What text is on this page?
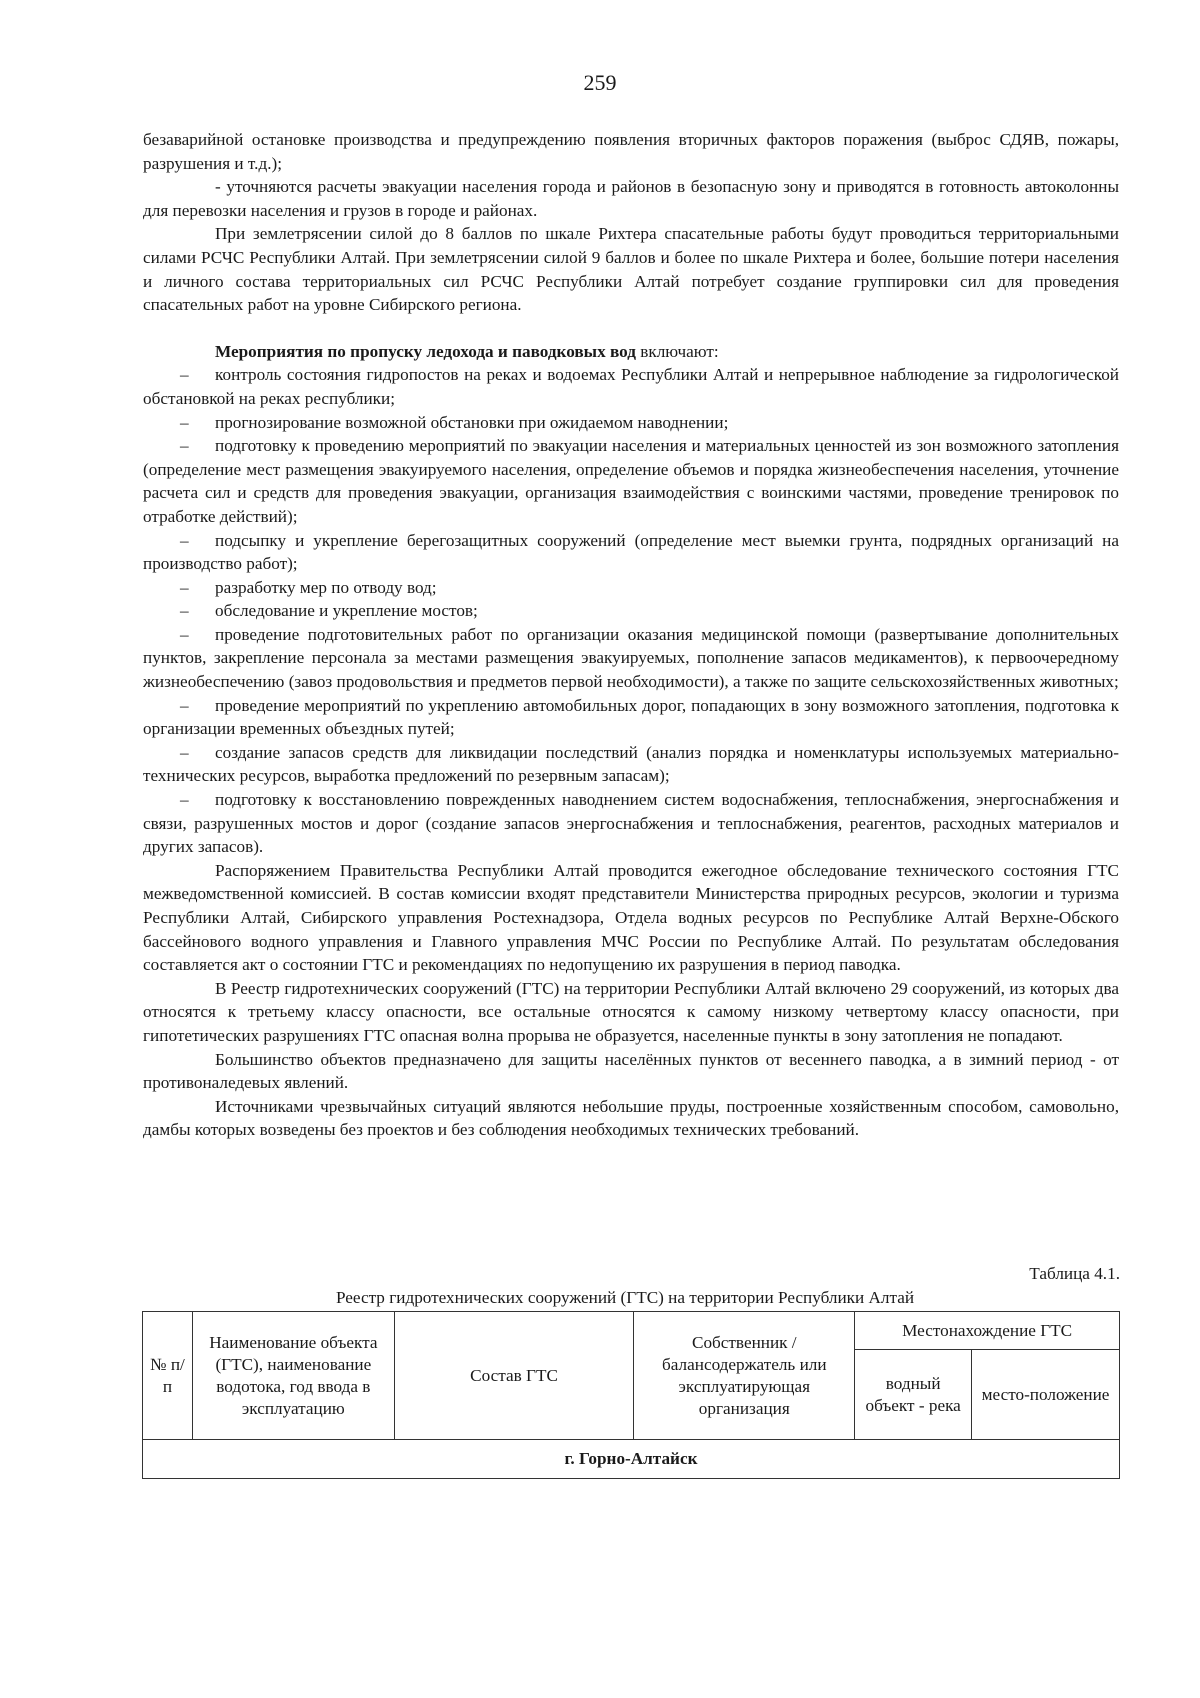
259

безаварийной остановке производства и предупреждению появления вторичных факторов поражения (выброс СДЯВ, пожары, разрушения и т.д.);

- уточняются расчеты эвакуации населения города и районов в безопасную зону и приводятся в готовность автоколонны для перевозки населения и грузов в городе и районах.

При землетрясении силой до 8 баллов по шкале Рихтера спасательные работы будут проводиться территориальными силами РСЧС Республики Алтай. При землетрясении силой 9 баллов и более по шкале Рихтера и более, большие потери населения и личного состава территориальных сил РСЧС Республики Алтай потребует создание группировки сил для проведения спасательных работ на уровне Сибирского региона.

Мероприятия по пропуску ледохода и паводковых вод включают:

– контроль состояния гидропостов на реках и водоемах Республики Алтай и непрерывное наблюдение за гидрологической обстановкой на реках республики;

– прогнозирование возможной обстановки при ожидаемом наводнении;

– подготовку к проведению мероприятий по эвакуации населения и материальных ценностей из зон возможного затопления (определение мест размещения эвакуируемого населения, определение объемов и порядка жизнеобеспечения населения, уточнение расчета сил и средств для проведения эвакуации, организация взаимодействия с воинскими частями, проведение тренировок по отработке действий);

– подсыпку и укрепление берегозащитных сооружений (определение мест выемки грунта, подрядных организаций на производство работ);

– разработку мер по отводу вод;

– обследование и укрепление мостов;

– проведение подготовительных работ по организации оказания медицинской помощи (развертывание дополнительных пунктов, закрепление персонала за местами размещения эвакуируемых, пополнение запасов медикаментов), к первоочередному жизнеобеспечению (завоз продовольствия и предметов первой необходимости), а также по защите сельскохозяйственных животных;

– проведение мероприятий по укреплению автомобильных дорог, попадающих в зону возможного затопления, подготовка к организации временных объездных путей;

– создание запасов средств для ликвидации последствий (анализ порядка и номенклатуры используемых материально-технических ресурсов, выработка предложений по резервным запасам);

– подготовку к восстановлению поврежденных наводнением систем водоснабжения, теплоснабжения, энергоснабжения и связи, разрушенных мостов и дорог (создание запасов энергоснабжения и теплоснабжения, реагентов, расходных материалов и других запасов).

Распоряжением Правительства Республики Алтай проводится ежегодное обследование технического состояния ГТС межведомственной комиссией. В состав комиссии входят представители Министерства природных ресурсов, экологии и туризма Республики Алтай, Сибирского управления Ростехнадзора, Отдела водных ресурсов по Республике Алтай Верхне-Обского бассейнового водного управления и Главного управления МЧС России по Республике Алтай. По результатам обследования составляется акт о состоянии ГТС и рекомендациях по недопущению их разрушения в период паводка.

В Реестр гидротехнических сооружений (ГТС) на территории Республики Алтай включено 29 сооружений, из которых два относятся к третьему классу опасности, все остальные относятся к самому низкому четвертому классу опасности, при гипотетических разрушениях ГТС опасная волна прорыва не образуется, населенные пункты в зону затопления не попадают.

Большинство объектов предназначено для защиты населённых пунктов от весеннего паводка, а в зимний период - от противоналедевых явлений.

Источниками чрезвычайных ситуаций являются небольшие пруды, построенные хозяйственным способом, самовольно, дамбы которых возведены без проектов и без соблюдения необходимых технических требований.

Таблица 4.1.
Реестр гидротехнических сооружений (ГТС) на территории Республики Алтай
№ п/п	Наименование объекта (ГТС), наименование водотока, год ввода в эксплуатацию	Состав ГТС	Собственник / балансодержатель или эксплуатирующая организация	Местонахождение ГТС	
				водный объект - река	место-положение
г. Горно-Алтайск					
